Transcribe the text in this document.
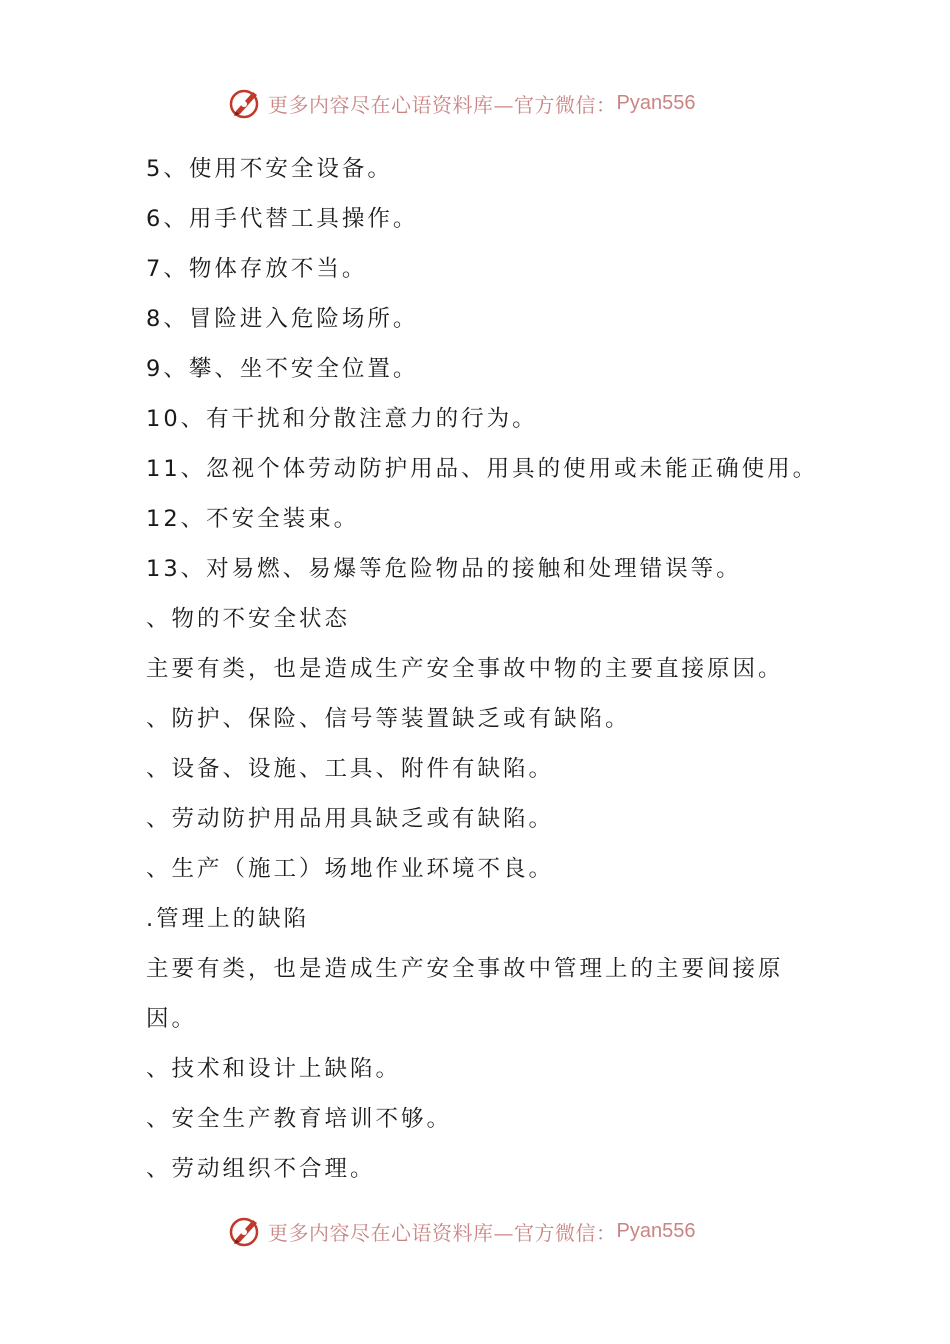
更多内容尽在心语资料库—官方微信： Pyan556
5、使用不安全设备。
6、用手代替工具操作。
7、物体存放不当。
8、冒险进入危险场所。
9、攀、坐不安全位置。
10、有干扰和分散注意力的行为。
11、忽视个体劳动防护用品、用具的使用或未能正确使用。
12、不安全装束。
13、对易燃、易爆等危险物品的接触和处理错误等。
、物的不安全状态
主要有类，也是造成生产安全事故中物的主要直接原因。
、防护、保险、信号等装置缺乏或有缺陷。
、设备、设施、工具、附件有缺陷。
、劳动防护用品用具缺乏或有缺陷。
、生产（施工）场地作业环境不良。
.管理上的缺陷
主要有类，也是造成生产安全事故中管理上的主要间接原因。
、技术和设计上缺陷。
、安全生产教育培训不够。
、劳动组织不合理。
更多内容尽在心语资料库—官方微信： Pyan556
